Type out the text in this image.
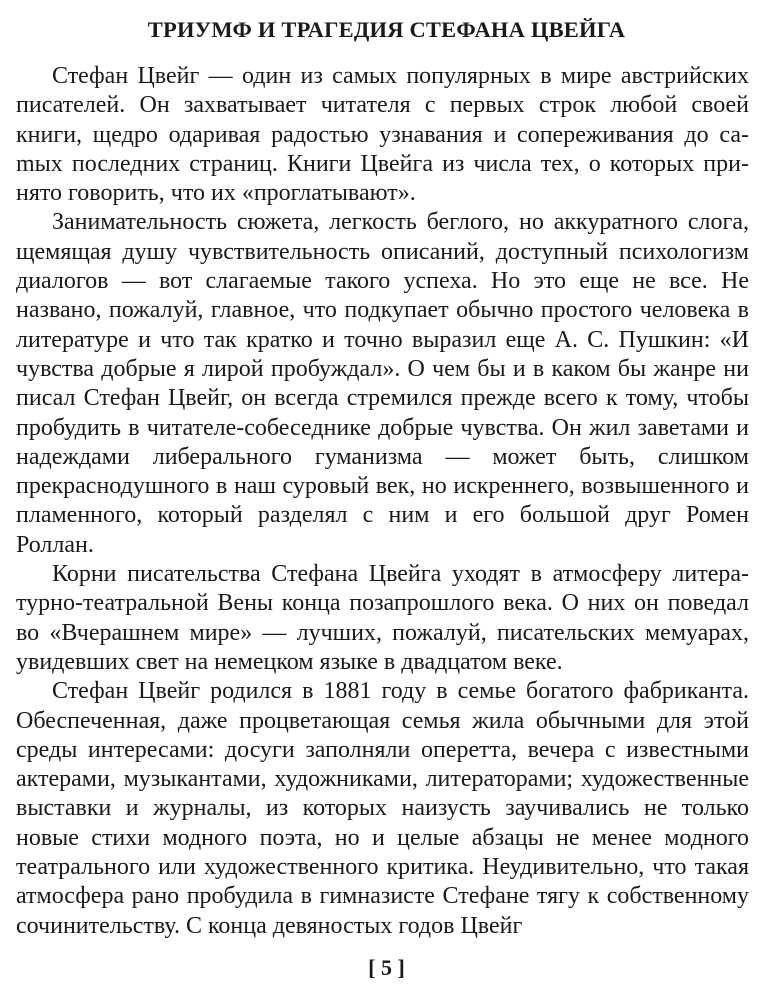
ТРИУМФ И ТРАГЕДИЯ СТЕФАНА ЦВЕЙГА

Стефан Цвейг — один из самых популярных в мире австрийских писателей. Он захватывает читателя с первых строк любой своей книги, щедро одаривая радостью узнавания и сопереживания до саmых последних страниц. Книги Цвейга из числа тех, о которых принято говорить, что их «проглатывают».

Занимательность сюжета, легкость беглого, но аккуратного слога, щемящая душу чувствительность описаний, доступный психологизм диалогов — вот слагаемые такого успеха. Но это еще не все. Не названо, пожалуй, главное, что подкупает обычно простого человека в литературе и что так кратко и точно выразил еще А. С. Пушкин: «И чувства добрые я лирой пробуждал». О чем бы и в каком бы жанре ни писал Стефан Цвейг, он всегда стремился прежде всего к тому, чтобы пробудить в читателе-собеседнике добрые чувства. Он жил заветами и надеждами либерального гуманизма — может быть, слишком прекраснодушного в наш суровый век, но искреннего, возвышенного и пламенного, который разделял с ним и его большой друг Ромен Роллан.

Корни писательства Стефана Цвейга уходят в атмосферу литературно-театральной Вены конца позапрошлого века. О них он поведал во «Вчерашнем мире» — лучших, пожалуй, писательских мемуарах, увидевших свет на немецком языке в двадцатом веке.

Стефан Цвейг родился в 1881 году в семье богатого фабриканта. Обеспеченная, даже процветающая семья жила обычными для этой среды интересами: досуги заполняли оперетта, вечера с известными актерами, музыкантами, художниками, литераторами; художественные выставки и журналы, из которых наизусть заучивались не только новые стихи модного поэта, но и целые абзацы не менее модного театрального или художественного критика. Неудивительно, что такая атмосфера рано пробудила в гимназисте Стефане тягу к собственному сочинительству. С конца девяностых годов Цвейг

[ 5 ]
